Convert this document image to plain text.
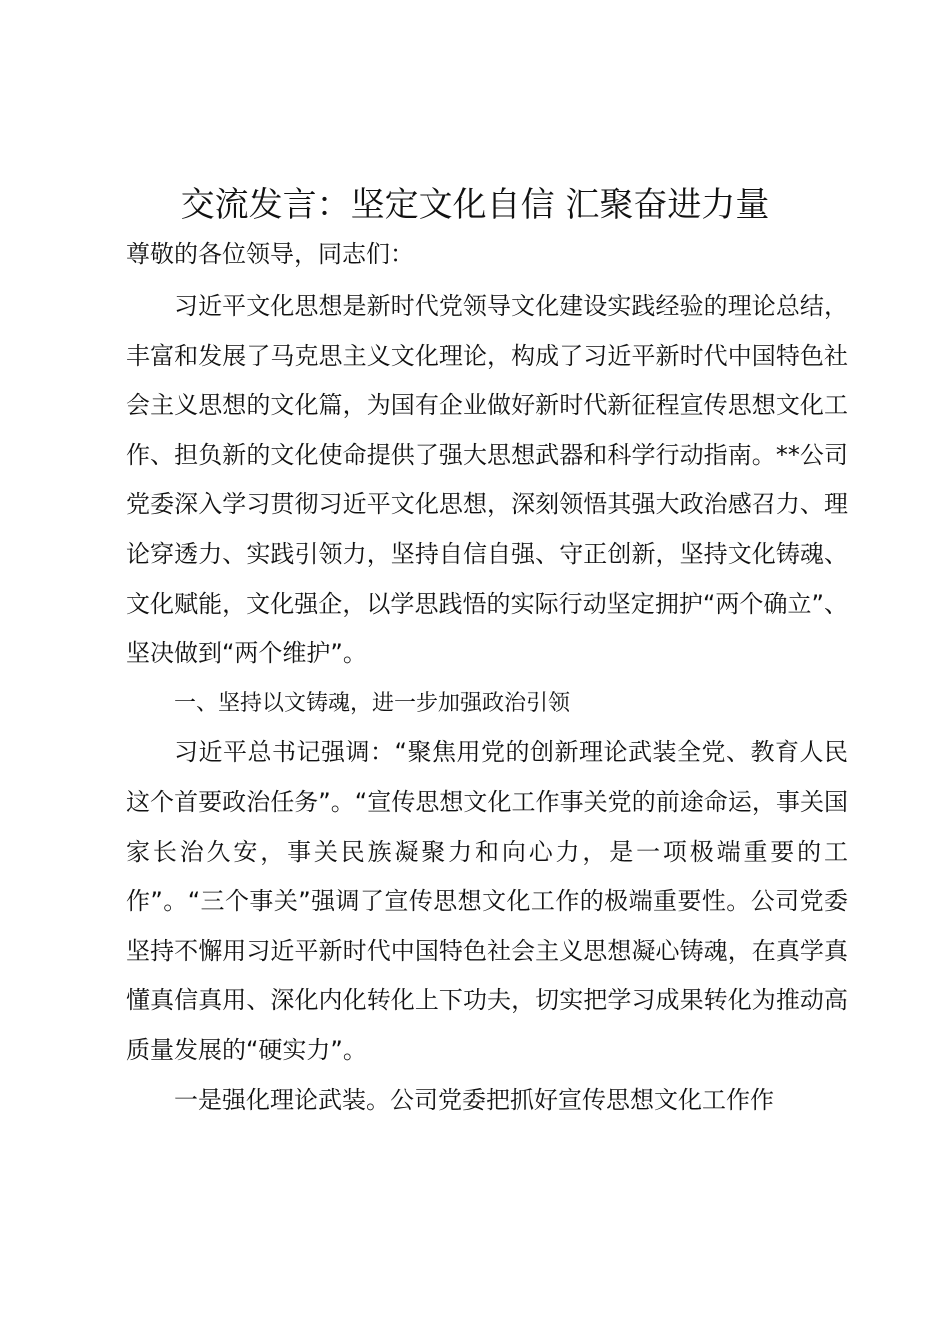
交流发言：坚定文化自信 汇聚奋进力量
尊敬的各位领导，同志们：

习近平文化思想是新时代党领导文化建设实践经验的理论总结，丰富和发展了马克思主义文化理论，构成了习近平新时代中国特色社会主义思想的文化篇，为国有企业做好新时代新征程宣传思想文化工作、担负新的文化使命提供了强大思想武器和科学行动指南。**公司党委深入学习贯彻习近平文化思想，深刻领悟其强大政治感召力、理论穿透力、实践引领力，坚持自信自强、守正创新，坚持文化铸魂、文化赋能，文化强企，以学思践悟的实际行动坚定拥护“两个确立”、坚决做到“两个维护”。

一、坚持以文铸魂，进一步加强政治引领

习近平总书记强调：“聚焦用党的创新理论武装全党、教育人民这个首要政治任务”。“宣传思想文化工作事关党的前途命运，事关国家长治久安，事关民族凝聚力和向心力，是一项极端重要的工作”。“三个事关”强调了宣传思想文化工作的极端重要性。公司党委坚持不懈用习近平新时代中国特色社会主义思想凝心铸魂，在真学真懂真信真用、深化内化转化上下功夫，切实把学习成果转化为推动高质量发展的“硬实力”。

一是强化理论武装。公司党委把抓好宣传思想文化工作作
